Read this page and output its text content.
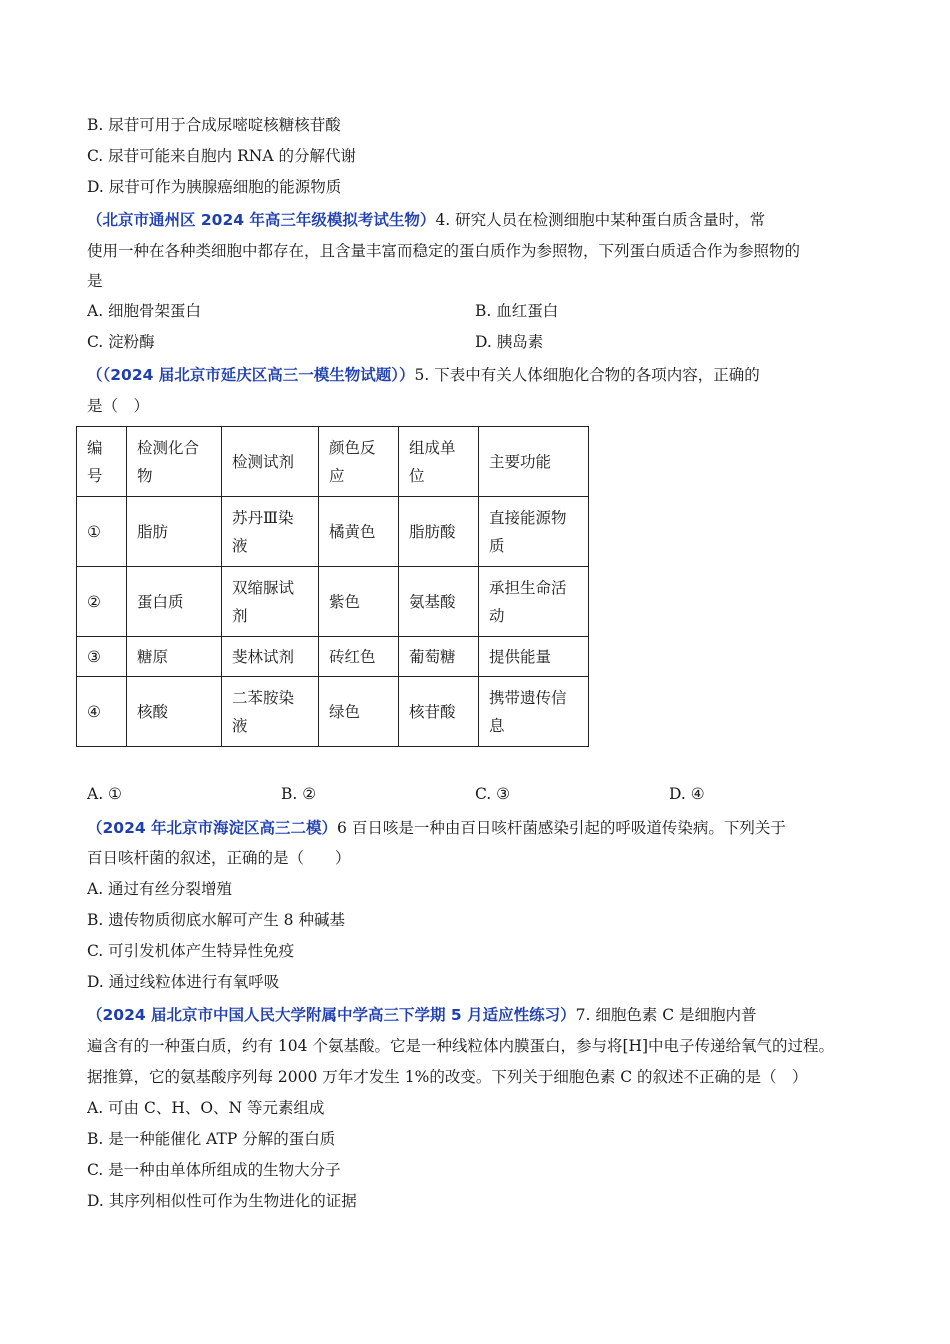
B. 尿苷可用于合成尿嘧啶核糖核苷酸
C. 尿苷可能来自胞内 RNA 的分解代谢
D. 尿苷可作为胰腺癌细胞的能源物质
（北京市通州区 2024 年高三年级模拟考试生物）4. 研究人员在检测细胞中某种蛋白质含量时，常
使用一种在各种类细胞中都存在，且含量丰富而稳定的蛋白质作为参照物，下列蛋白质适合作为参照物的
是
A. 细胞骨架蛋白	B. 血红蛋白
C. 淀粉酶	D. 胰岛素
（（2024 届北京市延庆区高三一模生物试题））5. 下表中有关人体细胞化合物的各项内容，正确的
是（　）
编号	检测化合物	检测试剂	颜色反应	组成单位	主要功能
①	脂肪	苏丹Ⅲ染液	橘黄色	脂肪酸	直接能源物质
②	蛋白质	双缩脲试剂	紫色	氨基酸	承担生命活动
③	糖原	斐林试剂	砖红色	葡萄糖	提供能量
④	核酸	二苯胺染液	绿色	核苷酸	携带遗传信息
A. ①	B. ②	C. ③	D. ④
（2024 年北京市海淀区高三二模）6 百日咳是一种由百日咳杆菌感染引起的呼吸道传染病。下列关于
百日咳杆菌的叙述，正确的是（　　）
A. 通过有丝分裂增殖
B. 遗传物质彻底水解可产生 8 种碱基
C. 可引发机体产生特异性免疫
D. 通过线粒体进行有氧呼吸
（2024 届北京市中国人民大学附属中学高三下学期 5 月适应性练习）7. 细胞色素 C 是细胞内普
遍含有的一种蛋白质，约有 104 个氨基酸。它是一种线粒体内膜蛋白，参与将[H]中电子传递给氧气的过程。
据推算，它的氨基酸序列每 2000 万年才发生 1%的改变。下列关于细胞色素 C 的叙述不正确的是（　）
A. 可由 C、H、O、N 等元素组成
B. 是一种能催化 ATP 分解的蛋白质
C. 是一种由单体所组成的生物大分子
D. 其序列相似性可作为生物进化的证据
